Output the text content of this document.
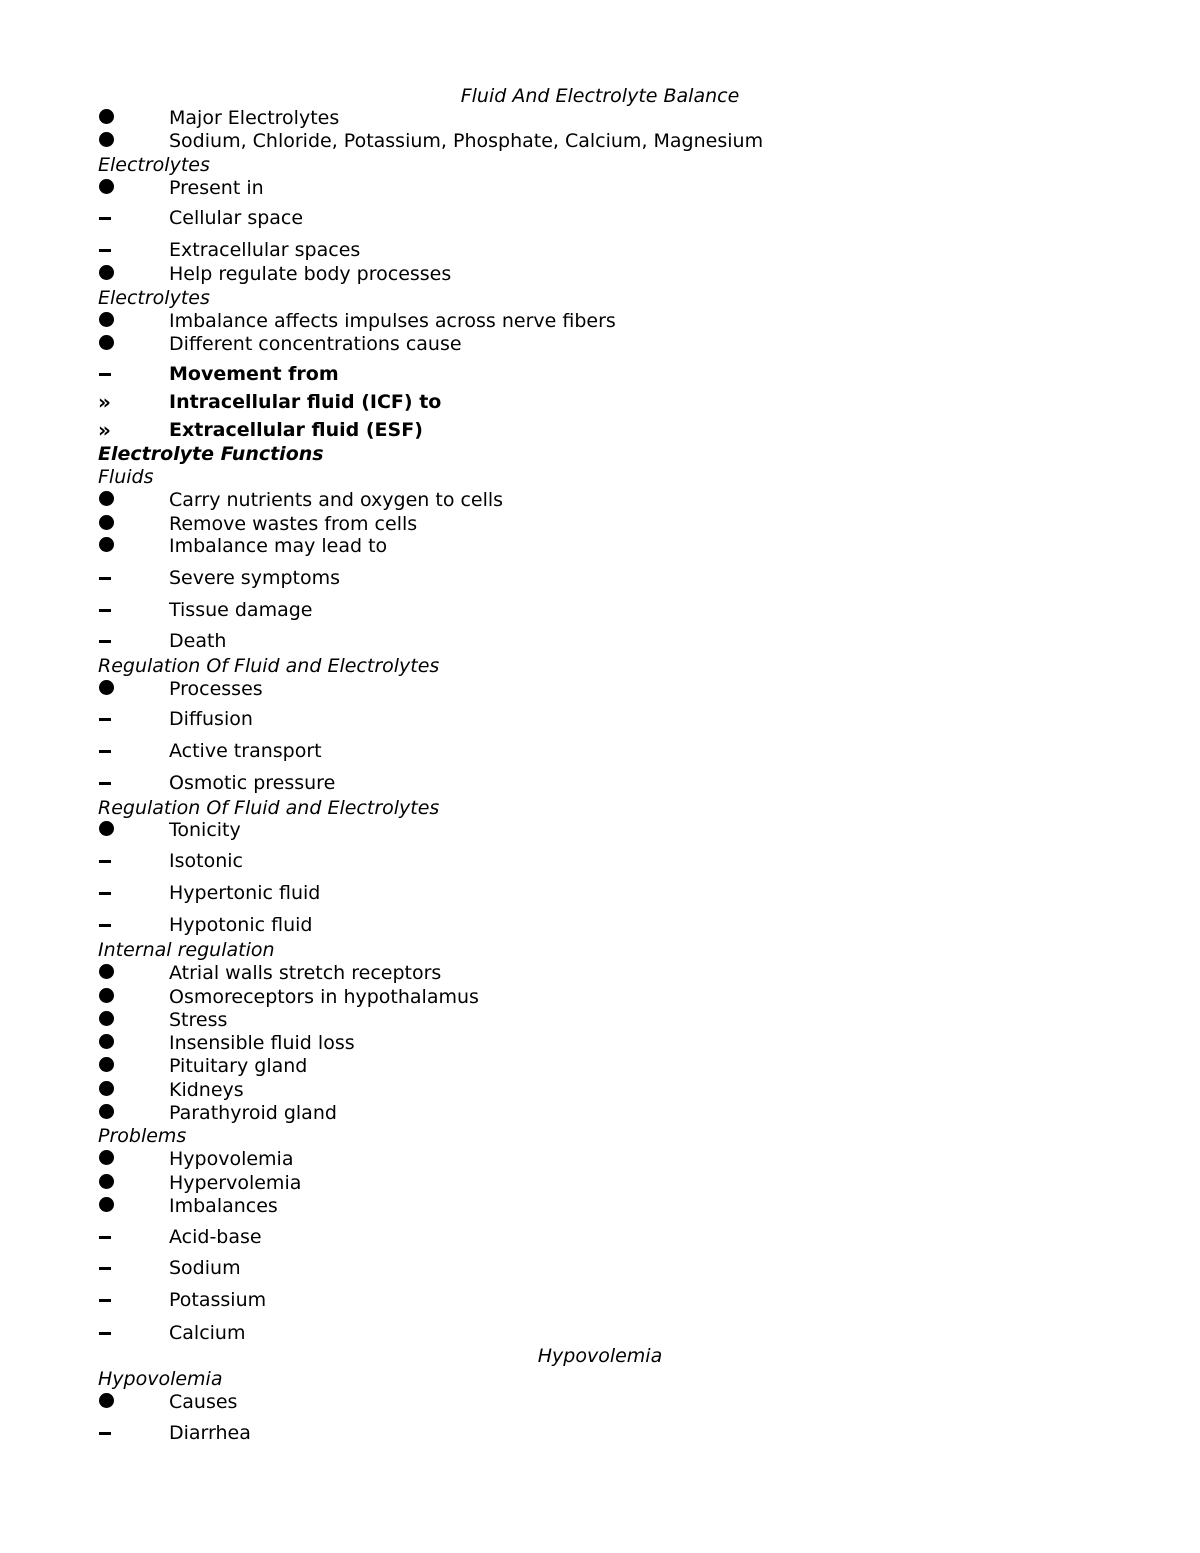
Fluid And Electrolyte Balance
Major Electrolytes
Sodium, Chloride, Potassium, Phosphate, Calcium, Magnesium
Electrolytes
Present in
Cellular space
Extracellular spaces
Help regulate body processes
Electrolytes
Imbalance affects impulses across nerve fibers
Different concentrations cause
Movement from
»	Intracellular fluid (ICF) to
»	Extracellular fluid (ESF)
Electrolyte Functions
Fluids
Carry nutrients and oxygen to cells
Remove wastes from cells
Imbalance may lead to
Severe symptoms
Tissue damage
Death
Regulation Of Fluid and Electrolytes
Processes
Diffusion
Active transport
Osmotic pressure
Regulation Of Fluid and Electrolytes
Tonicity
Isotonic
Hypertonic fluid
Hypotonic fluid
Internal regulation
Atrial walls stretch receptors
Osmoreceptors in hypothalamus
Stress
Insensible fluid loss
Pituitary gland
Kidneys
Parathyroid gland
Problems
Hypovolemia
Hypervolemia
Imbalances
Acid-base
Sodium
Potassium
Calcium
Hypovolemia
Hypovolemia
Causes
Diarrhea
